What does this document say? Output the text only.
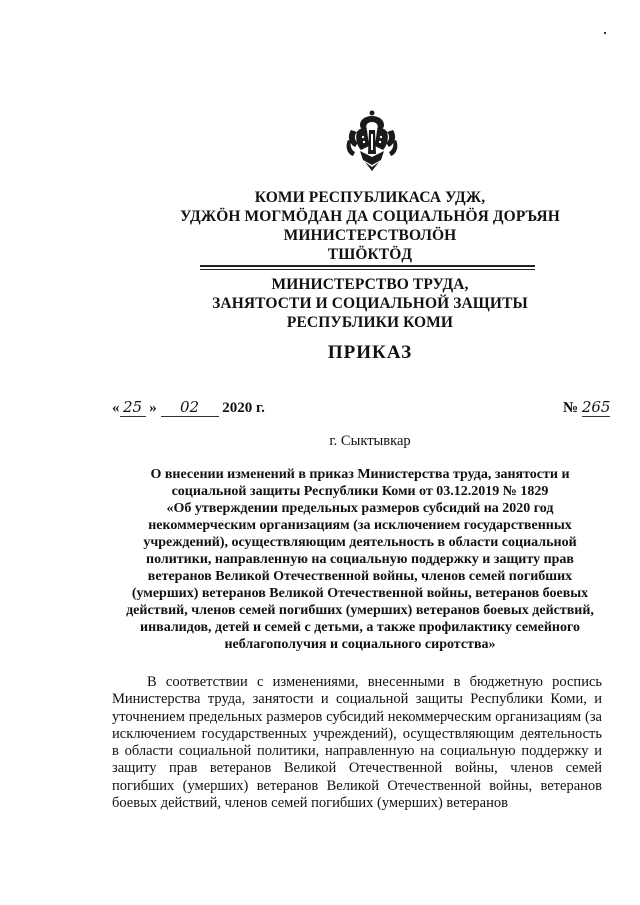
КОМИ РЕСПУБЛИКАСА УДЖ,
УДЖӦН МОГМӦДАН ДА СОЦИАЛЬНӦЯ ДОРЪЯН
МИНИСТЕРСТВОЛӦН
ТШӦКТӦД
МИНИСТЕРСТВО ТРУДА,
ЗАНЯТОСТИ И СОЦИАЛЬНОЙ ЗАЩИТЫ
РЕСПУБЛИКИ КОМИ
ПРИКАЗ
« 25 » 02 2020 г.	№ 265
г. Сыктывкар
О внесении изменений в приказ Министерства труда, занятости и
социальной защиты Республики Коми от 03.12.2019 № 1829
«Об утверждении предельных размеров субсидий на 2020 год
некоммерческим организациям (за исключением государственных
учреждений), осуществляющим деятельность в области социальной
политики, направленную на социальную поддержку и защиту прав
ветеранов Великой Отечественной войны, членов семей погибших
(умерших) ветеранов Великой Отечественной войны, ветеранов боевых
действий, членов семей погибших (умерших) ветеранов боевых действий,
инвалидов, детей и семей с детьми, а также профилактику семейного
неблагополучия и социального сиротства»
В соответствии с изменениями, внесенными в бюджетную роспись Министерства труда, занятости и социальной защиты Республики Коми, и уточнением предельных размеров субсидий некоммерческим организациям (за исключением государственных учреждений), осуществляющим деятельность в области социальной политики, направленную на социальную поддержку и защиту прав ветеранов Великой Отечественной войны, членов семей погибших (умерших) ветеранов Великой Отечественной войны, ветеранов боевых действий, членов семей погибших (умерших) ветеранов
